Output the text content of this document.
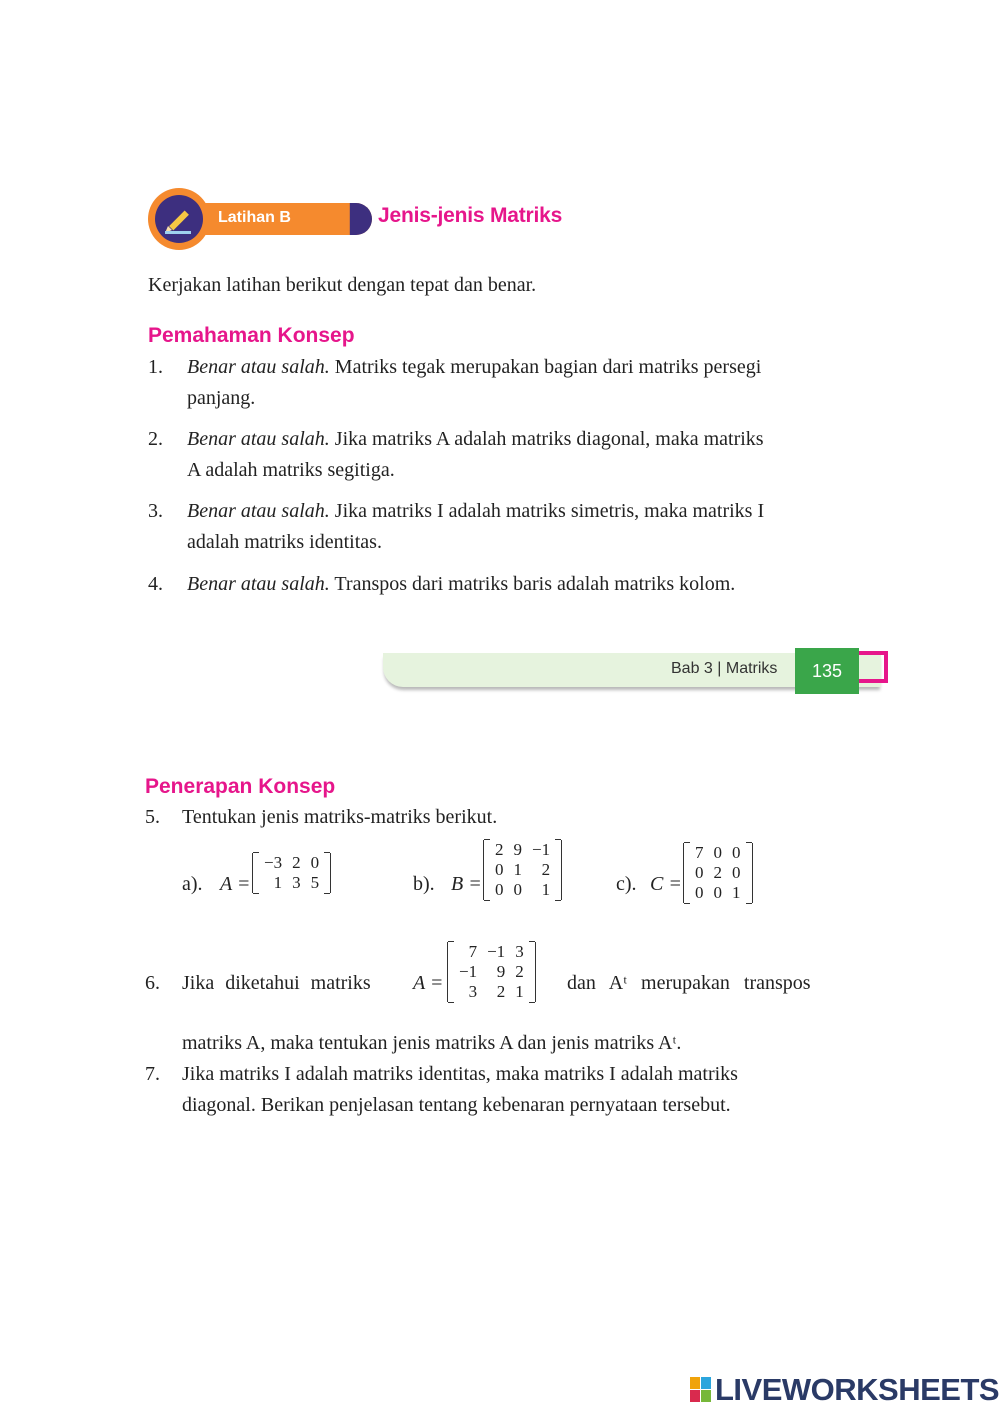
Latihan B	Jenis-jenis Matriks
Kerjakan latihan berikut dengan tepat dan benar.
Pemahaman Konsep
1. Benar atau salah. Matriks tegak merupakan bagian dari matriks persegi
panjang.
2. Benar atau salah. Jika matriks A adalah matriks diagonal, maka matriks
A adalah matriks segitiga.
3. Benar atau salah. Jika matriks I adalah matriks simetris, maka matriks I
adalah matriks identitas.
4. Benar atau salah. Transpos dari matriks baris adalah matriks kolom.
Bab 3 | Matriks	135
Penerapan Konsep
5. Tentukan jenis matriks-matriks berikut.
a). A =
−3	2	0
1	3	5	b). B =
2	9	−1
0	1	2
0	0	1	c). C =
7	0	0
0	2	0
0	0	1
6. Jika diketahui matriks A =
7	−1	3
−1	9	2
3	2	1 dan Aᵗ merupakan transpos
matriks A, maka tentukan jenis matriks A dan jenis matriks Aᵗ.
7. Jika matriks I adalah matriks identitas, maka matriks I adalah matriks
diagonal. Berikan penjelasan tentang kebenaran pernyataan tersebut.
LIVEWORKSHEETS
